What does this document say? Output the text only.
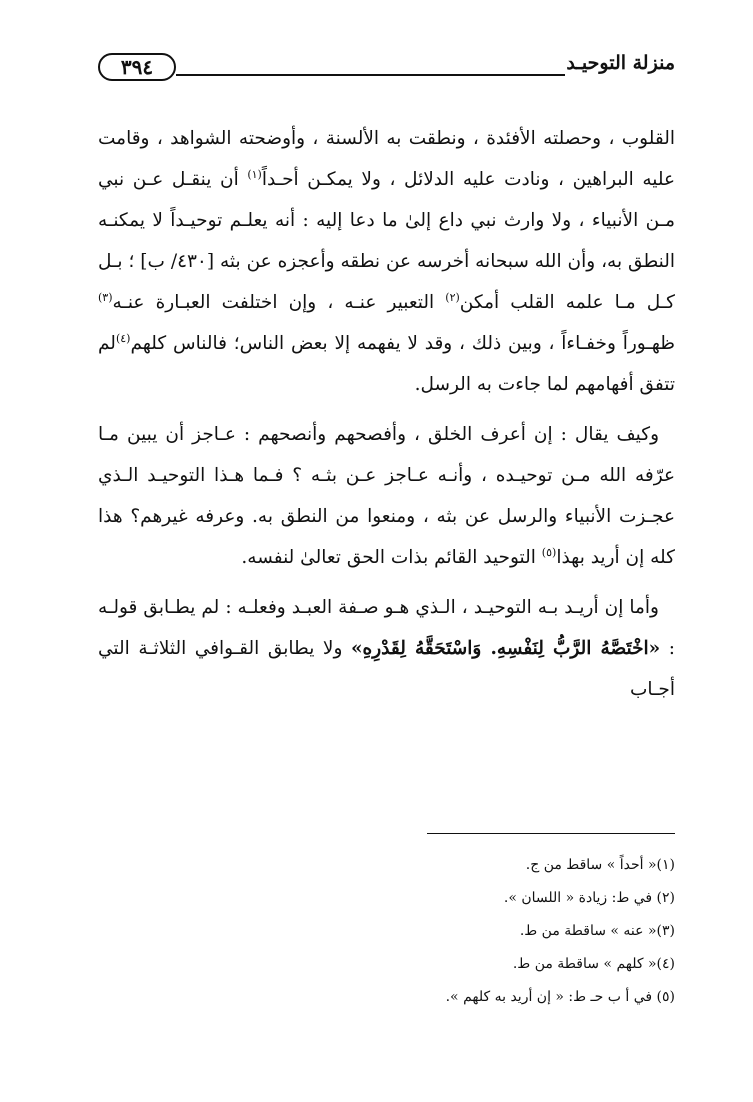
منزلة التوحيـد
٣٩٤

القلوب ، وحصلته الأفئدة ، ونطقت به الألسنة ، وأوضحته الشواهد ، وقامت عليه البراهين ، ونادت عليه الدلائل ، ولا يمكـن أحـداً$^{(١)}$ أن ينقـل عـن نبي مـن الأنبياء ، ولا وارث نبي داع إلىٰ ما دعا إليه : أنه يعلـم توحيـداً لا يمكنـه النطق به، وأن الله سبحانه أخرسه عن نطقه وأعجزه عن بثه [٤٣٠/ ب] ؛ بـل كـل مـا علمه القلب أمكن$^{(٢)}$ التعبير عنـه ، وإن اختلفت العبـارة عنـه$^{(٣)}$ ظهـوراً وخفـاءاً ، وبين ذلك ، وقد لا يفهمه إلا بعض الناس؛ فالناس كلهم$^{(٤)}$لم تتفق أفهامهم لما جاءت به الرسل.

وكيف يقال : إن أعرف الخلق ، وأفصحهم وأنصحهم : عـاجز أن يبين مـا عرّفه الله مـن توحيـده ، وأنـه عـاجز عـن بثـه ؟ فـما هـذا التوحيـد الـذي عجـزت الأنبياء والرسل عن بثه ، ومنعوا من النطق به. وعرفه غيرهم؟ هذا كله إن أريد بهذا$^{(٥)}$ التوحيد القائم بذات الحق تعالىٰ لنفسه.

وأما إن أريـد بـه التوحيـد ، الـذي هـو صـفة العبـد وفعلـه : لم يطـابق قولـه : «اخْتَصَّهُ الرَّبُّ لِنَفْسِهِ. وَاسْتَحَقَّهُ لِقَدْرِهِ» ولا يطابق القـوافي الثلاثـة التي أجـاب

(١)« أحداً » ساقط من ج.

(٢) في ط: زيادة « اللسان ».

(٣)« عنه » ساقطة من ط.

(٤)« كلهم » ساقطة من ط.

(٥) في أ ب حـ ط: « إن أريد به كلهم ».
